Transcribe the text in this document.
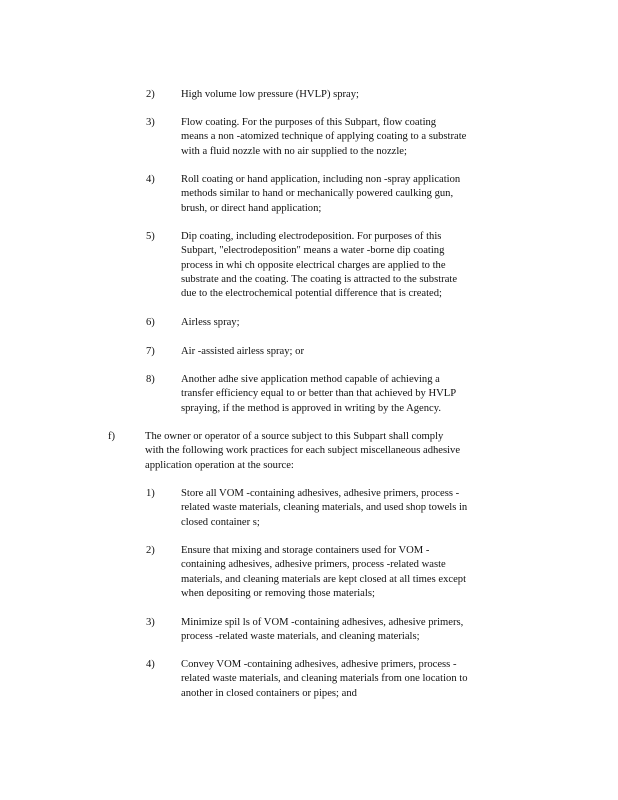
2) High volume low pressure (HVLP) spray;
3) Flow coating. For the purposes of this Subpart, flow coating
means a non -atomized technique of applying coating to a substrate
with a fluid nozzle with no air supplied to the nozzle;
4) Roll coating or hand application, including non -spray application
methods similar to hand or mechanically powered caulking gun,
brush, or direct hand application;
5) Dip coating, including electrodeposition. For purposes of this
Subpart, "electrodeposition" means a water -borne dip coating
process in whi ch opposite electrical charges are applied to the
substrate and the coating. The coating is attracted to the substrate
due to the electrochemical potential difference that is created;
6) Airless spray;
7) Air -assisted airless spray; or
8) Another adhe sive application method capable of achieving a
transfer efficiency equal to or better than that achieved by HVLP
spraying, if the method is approved in writing by the Agency.
f)	The owner or operator of a source subject to this Subpart shall comply
with the following work practices for each subject miscellaneous adhesive
application operation at the source:
1) Store all VOM -containing adhesives, adhesive primers, process -
related waste materials, cleaning materials, and used shop towels in
closed container s;
2) Ensure that mixing and storage containers used for VOM -
containing adhesives, adhesive primers, process -related waste
materials, and cleaning materials are kept closed at all times except
when depositing or removing those materials;
3) Minimize spil ls of VOM -containing adhesives, adhesive primers,
process -related waste materials, and cleaning materials;
4) Convey VOM -containing adhesives, adhesive primers, process -
related waste materials, and cleaning materials from one location to
another in closed containers or pipes; and
